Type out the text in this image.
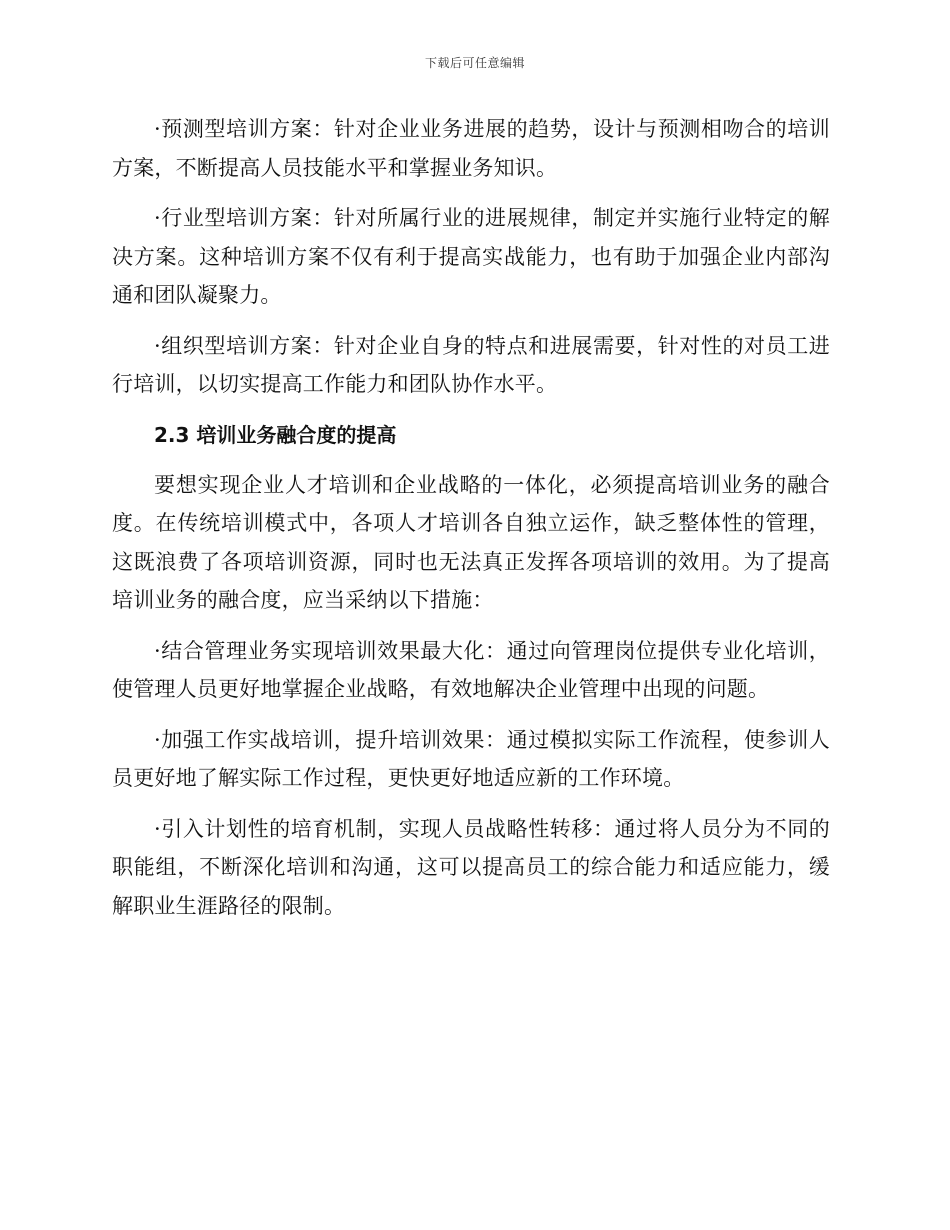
下载后可任意编辑

·预测型培训方案：针对企业业务进展的趋势，设计与预测相吻合的培训方案，不断提高人员技能水平和掌握业务知识。

·行业型培训方案：针对所属行业的进展规律，制定并实施行业特定的解决方案。这种培训方案不仅有利于提高实战能力，也有助于加强企业内部沟通和团队凝聚力。

·组织型培训方案：针对企业自身的特点和进展需要，针对性的对员工进行培训，以切实提高工作能力和团队协作水平。

2.3 培训业务融合度的提高

要想实现企业人才培训和企业战略的一体化，必须提高培训业务的融合度。在传统培训模式中，各项人才培训各自独立运作，缺乏整体性的管理，这既浪费了各项培训资源，同时也无法真正发挥各项培训的效用。为了提高培训业务的融合度，应当采纳以下措施：

·结合管理业务实现培训效果最大化：通过向管理岗位提供专业化培训，使管理人员更好地掌握企业战略，有效地解决企业管理中出现的问题。

·加强工作实战培训，提升培训效果：通过模拟实际工作流程，使参训人员更好地了解实际工作过程，更快更好地适应新的工作环境。

·引入计划性的培育机制，实现人员战略性转移：通过将人员分为不同的职能组，不断深化培训和沟通，这可以提高员工的综合能力和适应能力，缓解职业生涯路径的限制。
